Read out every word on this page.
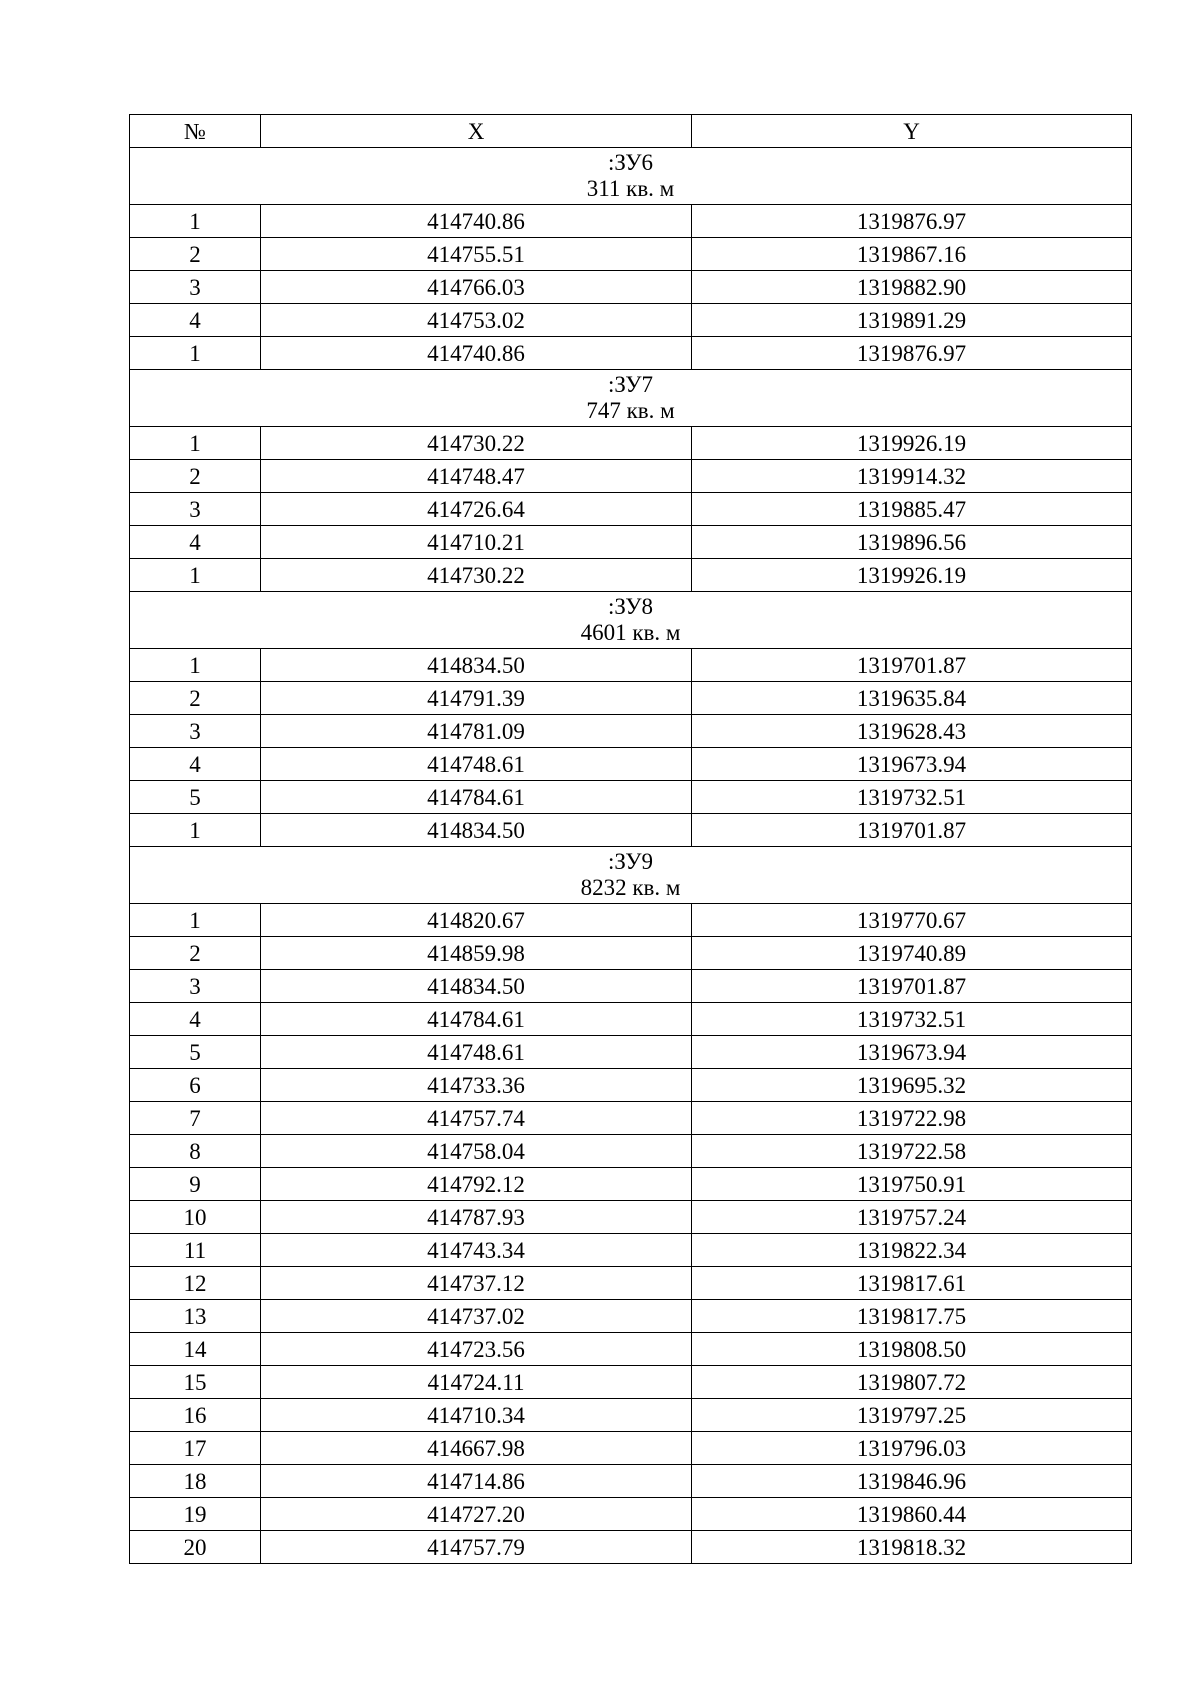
№	X	Y

:ЗУ6
311 кв. м		

1	414740.86	1319876.97
2	414755.51	1319867.16
3	414766.03	1319882.90
4	414753.02	1319891.29
1	414740.86	1319876.97

:ЗУ7
747 кв. м		

1	414730.22	1319926.19
2	414748.47	1319914.32
3	414726.64	1319885.47
4	414710.21	1319896.56
1	414730.22	1319926.19

:ЗУ8
4601 кв. м		

1	414834.50	1319701.87
2	414791.39	1319635.84
3	414781.09	1319628.43
4	414748.61	1319673.94
5	414784.61	1319732.51
1	414834.50	1319701.87

:ЗУ9
8232 кв. м		

1	414820.67	1319770.67
2	414859.98	1319740.89
3	414834.50	1319701.87
4	414784.61	1319732.51
5	414748.61	1319673.94
6	414733.36	1319695.32
7	414757.74	1319722.98
8	414758.04	1319722.58
9	414792.12	1319750.91
10	414787.93	1319757.24
11	414743.34	1319822.34
12	414737.12	1319817.61
13	414737.02	1319817.75
14	414723.56	1319808.50
15	414724.11	1319807.72
16	414710.34	1319797.25
17	414667.98	1319796.03
18	414714.86	1319846.96
19	414727.20	1319860.44
20	414757.79	1319818.32
